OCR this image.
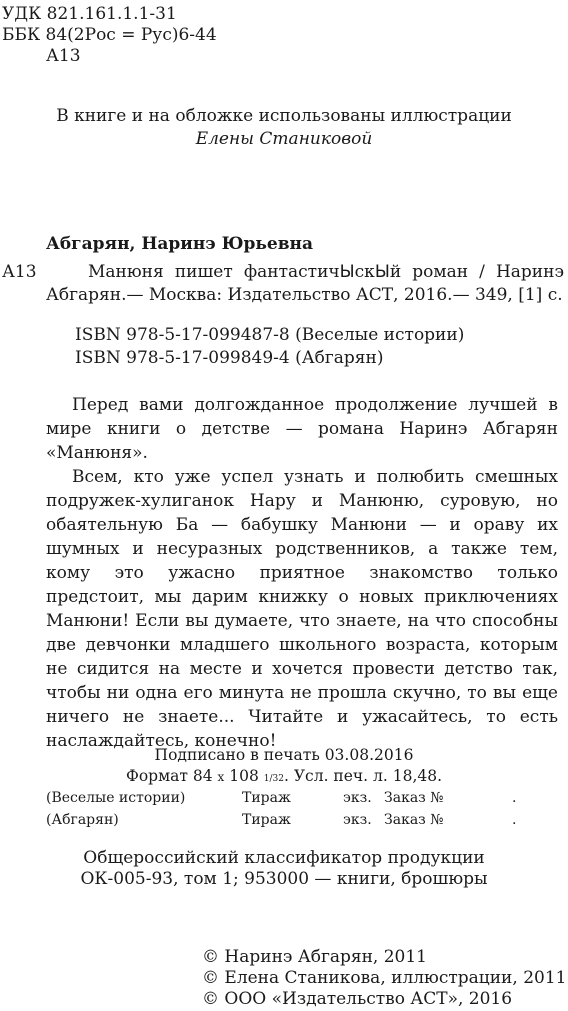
УДК 821.161.1.1-31
ББК 84(2Рос = Рус)6-44
А13
В книге и на обложке использованы иллюстрации
Елены Станиковой
Абгарян, Наринэ Юрьевна
А13	Манюня пишет фантастичЫскЫй роман / Наринэ
Абгарян.— Москва: Издательство АСТ, 2016.— 349, [1] с.
ISBN 978-5-17-099487-8 (Веселые истории)
ISBN 978-5-17-099849-4 (Абгарян)

Перед вами долгожданное продолжение лучшей в мире книги о детстве — романа Наринэ Абгарян «Манюня».

Всем, кто уже успел узнать и полюбить смешных подружек-хулиганок Нару и Манюню, суровую, но обаятельную Ба — бабушку Манюни — и ораву их шумных и несуразных родственников, а также тем, кому это ужасно приятное знакомство только предстоит, мы дарим книжку о новых приключениях Манюни! Если вы думаете, что знаете, на что способны две девчонки младшего школьного возраста, которым не сидится на месте и хочется провести детство так, чтобы ни одна его минута не прошла скучно, то вы еще ничего не знаете... Читайте и ужасайтесь, то есть наслаждайтесь, конечно!

Подписано в печать 03.08.2016
Формат 84 x 108 1/32. Усл. печ. л. 18,48.
(Веселые истории)	Тираж	экз. Заказ №	.
(Абгарян)	Тираж	экз. Заказ №	.
Общероссийский классификатор продукции
ОК-005-93, том 1; 953000 — книги, брошюры
© Наринэ Абгарян, 2011
© Елена Станикова, иллюстрации, 2011
© ООО «Издательство АСТ», 2016
